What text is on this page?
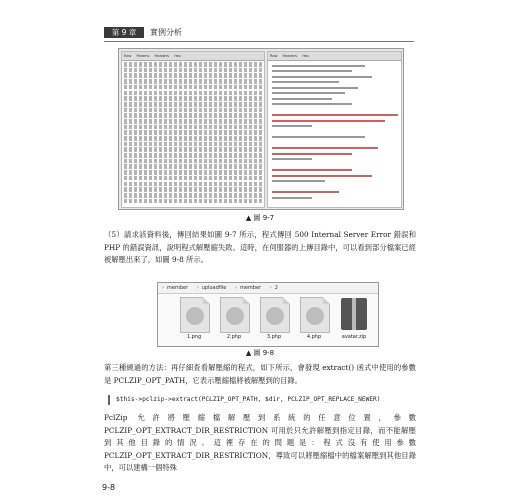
第 9 章	實例分析
Raw Params Headers Hex	Raw Headers Hex
▲ 圖 9-7
（5）請求該資料後，傳回結果如圖 9-7 所示，程式傳回 500 Internal Server Error 錯誤和 PHP 的錯誤資訊，說明程式解壓縮失敗。這時，在伺服器的上傳目錄中，可以看到部分檔案已經被解壓出來了，如圖 9-8 所示。
› member › uploadfile › member › 2
1.png	2.php	3.php	4.php	avatar.zip
▲ 圖 9-8
第三種繞過的方法：再仔細查看解壓縮的程式，如下所示，會發現 extract() 函式中使用的參數是 PCLZIP_OPT_PATH，它表示壓縮檔將被解壓到的目錄。
$this->pclzip->extract(PCLZIP_OPT_PATH, $dir, PCLZIP_OPT_REPLACE_NEWER)
PclZip 允許將壓縮檔解壓到系統的任意位置，參數 PCLZIP_OPT_EXTRACT_DIR_RESTRICTION 可用於只允許解壓到指定目錄，而不能解壓到其他目錄的情況。這裡存在的問題是：程式沒有使用參數 PCLZIP_OPT_EXTRACT_DIR_RESTRICTION，導致可以將壓縮檔中的檔案解壓到其他目錄中，可以建構一個特殊
9-8
